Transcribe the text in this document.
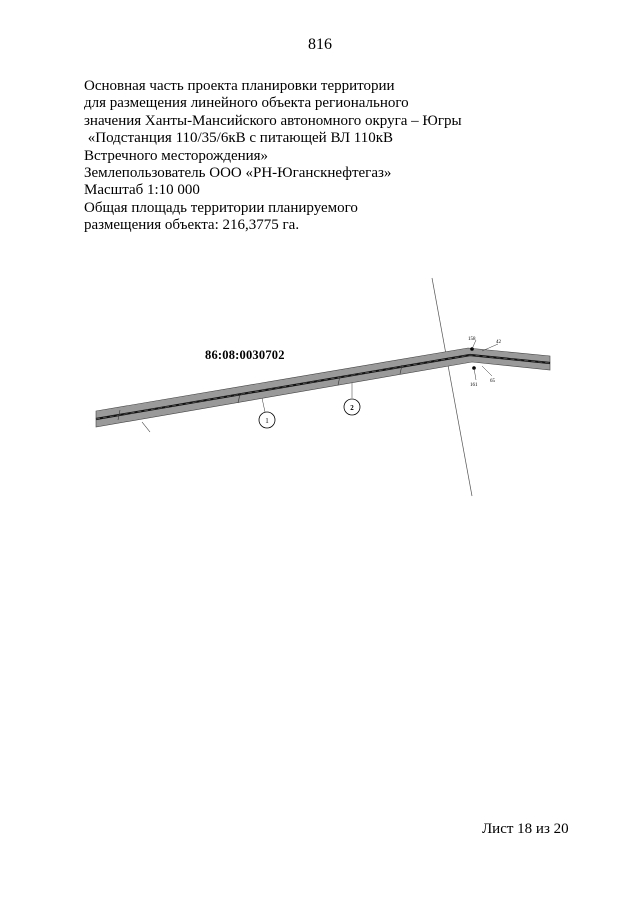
816
Основная часть проекта планировки территории
для размещения линейного объекта регионального
значения Ханты-Мансийского автономного округа – Югры
«Подстанция 110/35/6кВ с питающей ВЛ 110кВ
Встречного месторождения»
Землепользователь ООО «РН-Юганскнефтегаз»
Масштаб 1:10 000
Общая площадь территории планируемого
размещения объекта: 216,3775 га.
158
42
161
65
1
2
86:08:0030702
Лист 18 из 20
